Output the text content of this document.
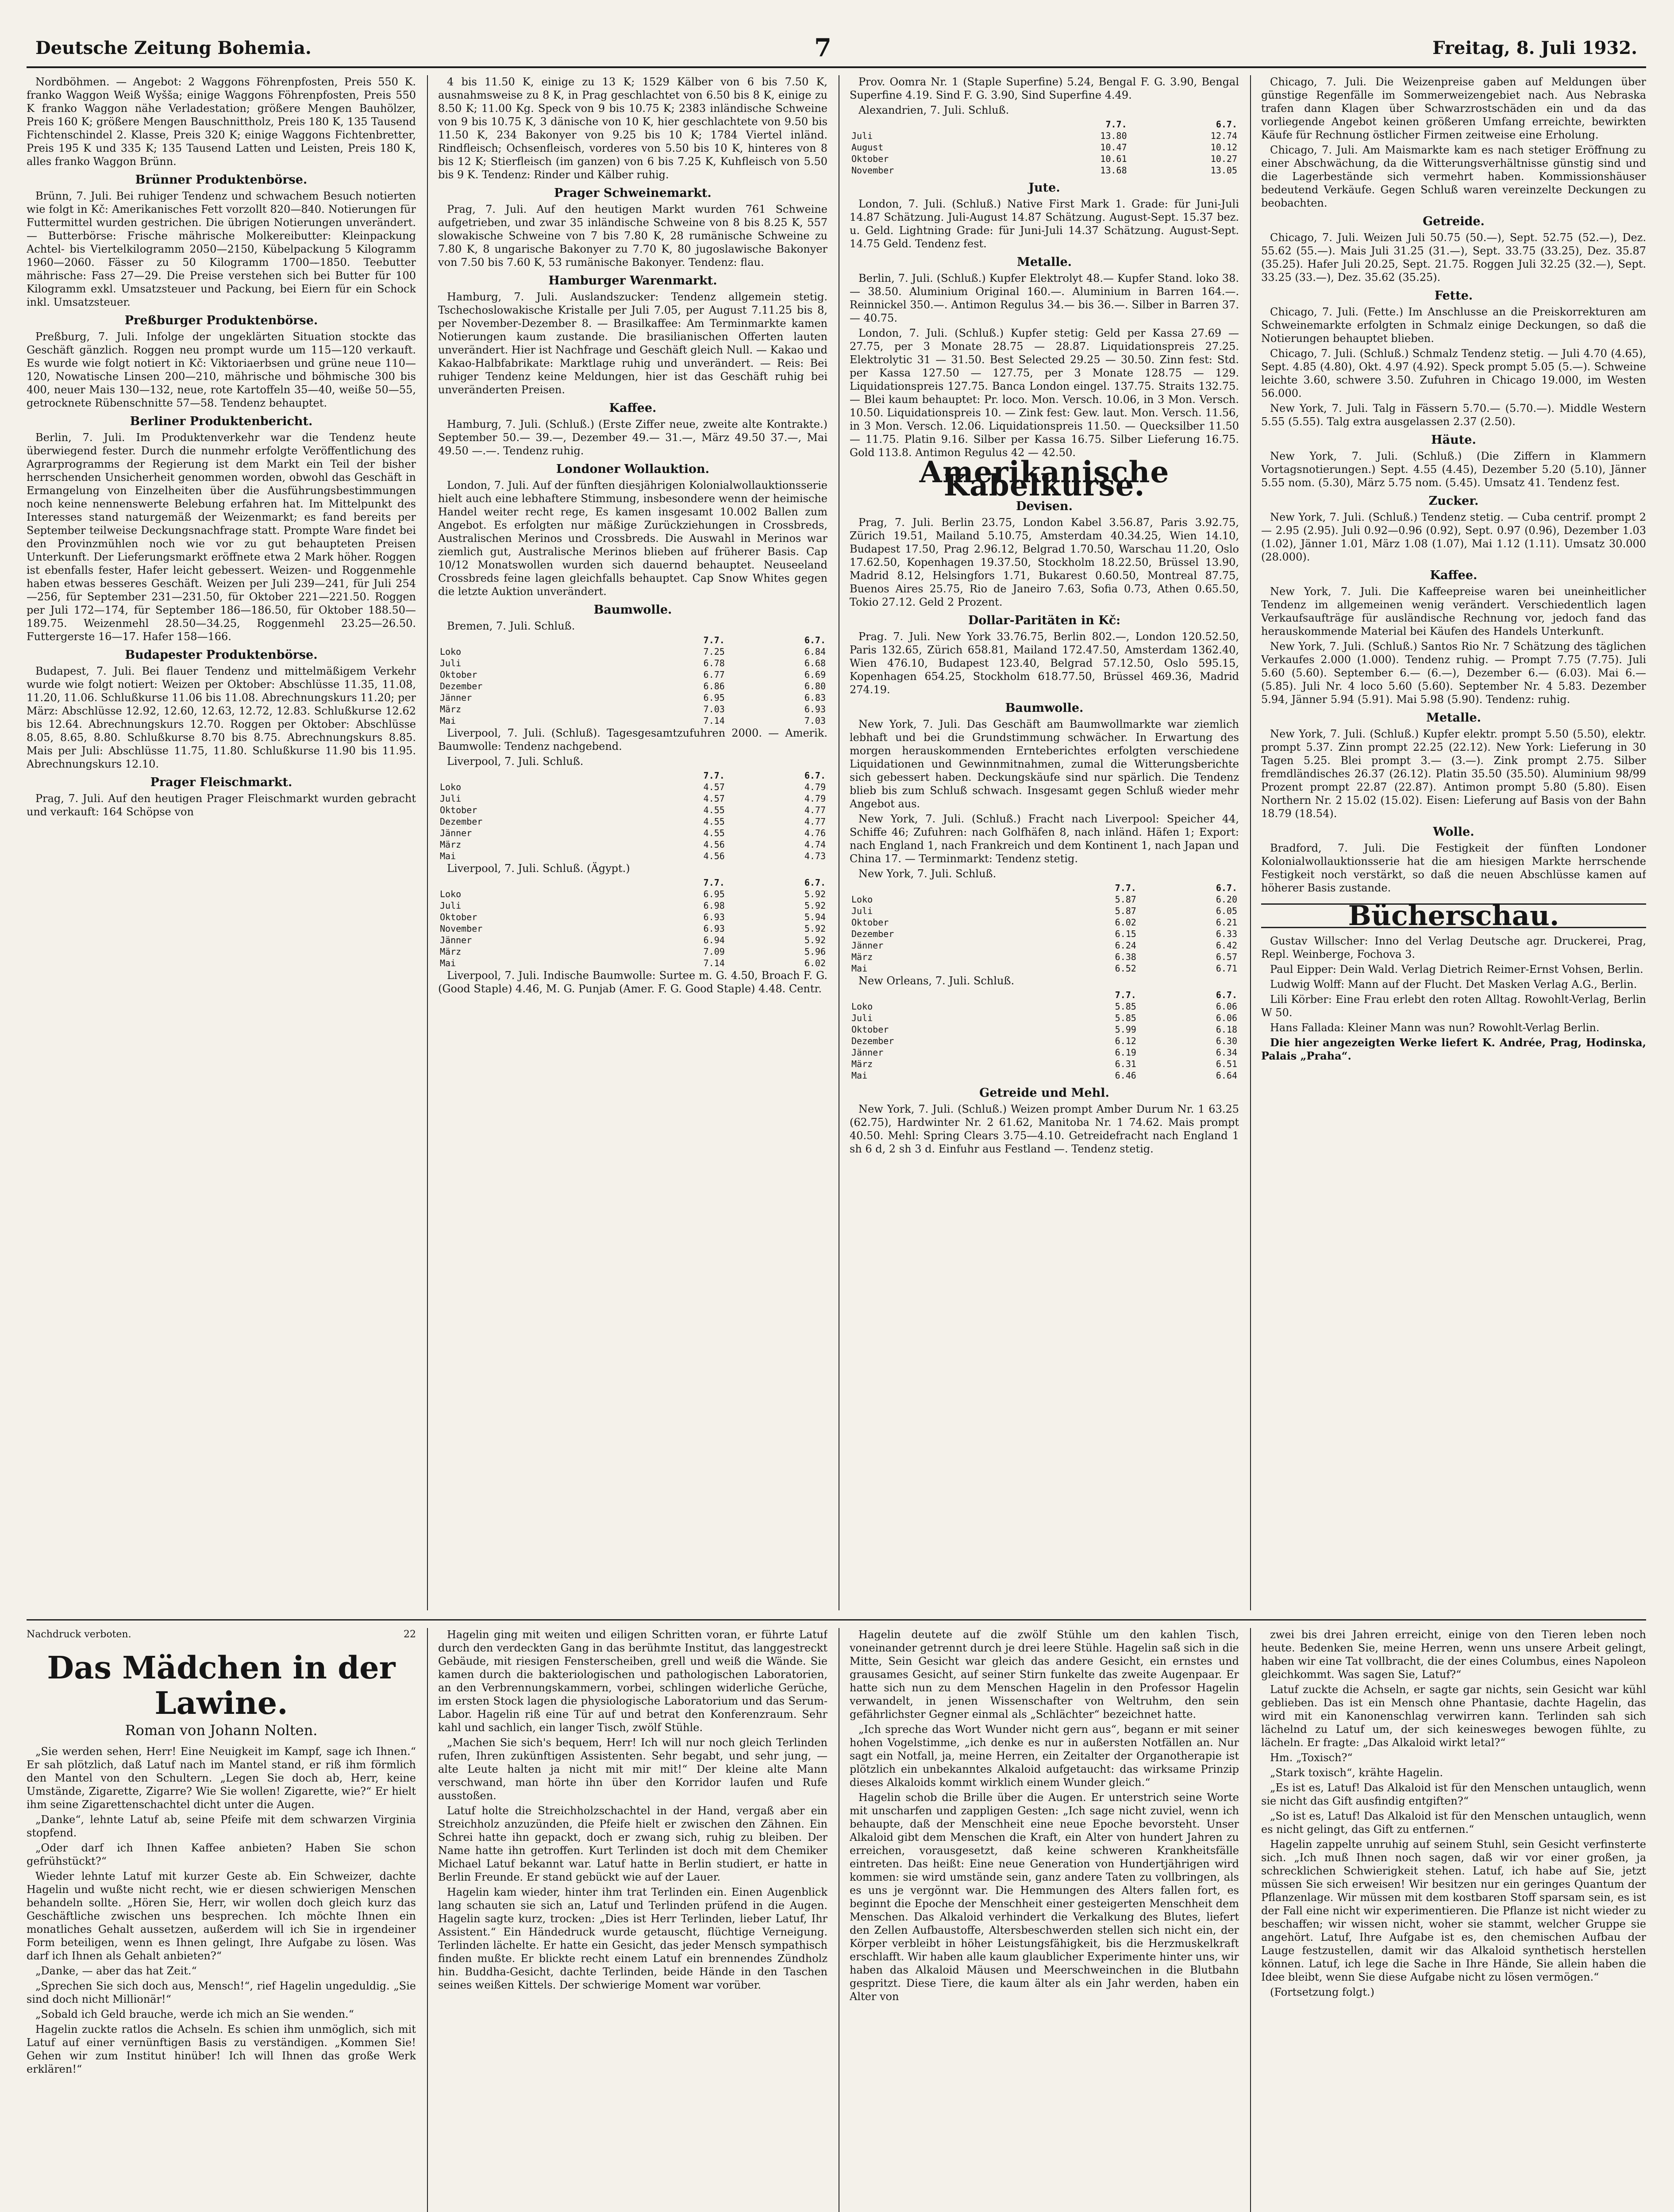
Deutsche Zeitung Bohemia.	7	Freitag, 8. Juli 1932.

Nordböhmen. — Angebot: 2 Waggons Föhrenpfosten, Preis 550 K. franko Waggon Weiß Wyšša; einige Waggons Föhrenpfosten, Preis 550 K franko Waggon nähe Verladestation; größere Mengen Bauhölzer, Preis 160 K; größere Mengen Bauschnittholz, Preis 180 K, 135 Tausend Fichtenschindel 2. Klasse, Preis 320 K; einige Waggons Fichtenbretter, Preis 195 K und 335 K; 135 Tausend Latten und Leisten, Preis 180 K, alles franko Waggon Brünn.

Brünner Produktenbörse.

Brünn, 7. Juli. Bei ruhiger Tendenz und schwachem Besuch notierten wie folgt in Kč: Amerikanisches Fett vorzollt 820—840. Notierungen für Futtermittel wurden gestrichen. Die übrigen Notierungen unverändert. — Butterbörse: Frische mährische Molkereibutter: Kleinpackung Achtel- bis Viertelkilogramm 2050—2150, Kübelpackung 5 Kilogramm 1960—2060. Fässer zu 50 Kilogramm 1700—1850. Teebutter mährische: Fass 27—29. Die Preise verstehen sich bei Butter für 100 Kilogramm exkl. Umsatzsteuer und Packung, bei Eiern für ein Schock inkl. Umsatzsteuer.

Preßburger Produktenbörse.

Preßburg, 7. Juli. Infolge der ungeklärten Situation stockte das Geschäft gänzlich. Roggen neu prompt wurde um 115—120 verkauft. Es wurde wie folgt notiert in Kč: Viktoriaerbsen und grüne neue 110—120, Nowatische Linsen 200—210, mährische und böhmische 300 bis 400, neuer Mais 130—132, neue, rote Kartoffeln 35—40, weiße 50—55, getrocknete Rübenschnitte 57—58. Tendenz behauptet.

Berliner Produktenbericht.

Berlin, 7. Juli. Im Produktenverkehr war die Tendenz heute überwiegend fester. Durch die nunmehr erfolgte Veröffentlichung des Agrarprogramms der Regierung ist dem Markt ein Teil der bisher herrschenden Unsicherheit genommen worden, obwohl das Geschäft in Ermangelung von Einzelheiten über die Ausführungsbestimmungen noch keine nennenswerte Belebung erfahren hat. Im Mittelpunkt des Interesses stand naturgemäß der Weizenmarkt; es fand bereits per September teilweise Deckungsnachfrage statt. Prompte Ware findet bei den Provinzmühlen noch wie vor zu gut behaupteten Preisen Unterkunft. Der Lieferungsmarkt eröffnete etwa 2 Mark höher. Roggen ist ebenfalls fester, Hafer leicht gebessert. Weizen- und Roggenmehle haben etwas besseres Geschäft. Weizen per Juli 239—241, für Juli 254—256, für September 231—231.50, für Oktober 221—221.50. Roggen per Juli 172—174, für September 186—186.50, für Oktober 188.50—189.75. Weizenmehl 28.50—34.25, Roggenmehl 23.25—26.50. Futtergerste 16—17. Hafer 158—166.

Budapester Produktenbörse.

Budapest, 7. Juli. Bei flauer Tendenz und mittelmäßigem Verkehr wurde wie folgt notiert: Weizen per Oktober: Abschlüsse 11.35, 11.08, 11.20, 11.06. Schlußkurse 11.06 bis 11.08. Abrechnungskurs 11.20; per März: Abschlüsse 12.92, 12.60, 12.63, 12.72, 12.83. Schlußkurse 12.62 bis 12.64. Abrechnungskurs 12.70. Roggen per Oktober: Abschlüsse 8.05, 8.65, 8.80. Schlußkurse 8.70 bis 8.75. Abrechnungskurs 8.85. Mais per Juli: Abschlüsse 11.75, 11.80. Schlußkurse 11.90 bis 11.95. Abrechnungskurs 12.10.

Prager Fleischmarkt.

Prag, 7. Juli. Auf den heutigen Prager Fleischmarkt wurden gebracht und verkauft: 164 Schöpse von

4 bis 11.50 K, einige zu 13 K; 1529 Kälber von 6 bis 7.50 K, ausnahmsweise zu 8 K, in Prag geschlachtet von 6.50 bis 8 K, einige zu 8.50 K; 11.00 Kg. Speck von 9 bis 10.75 K; 2383 inländische Schweine von 9 bis 10.75 K, 3 dänische von 10 K, hier geschlachtete von 9.50 bis 11.50 K, 234 Bakonyer von 9.25 bis 10 K; 1784 Viertel inländ. Rindfleisch; Ochsenfleisch, vorderes von 5.50 bis 10 K, hinteres von 8 bis 12 K; Stierfleisch (im ganzen) von 6 bis 7.25 K, Kuhfleisch von 5.50 bis 9 K. Tendenz: Rinder und Kälber ruhig.

Prager Schweinemarkt.

Prag, 7. Juli. Auf den heutigen Markt wurden 761 Schweine aufgetrieben, und zwar 35 inländische Schweine von 8 bis 8.25 K, 557 slowakische Schweine von 7 bis 7.80 K, 28 rumänische Schweine zu 7.80 K, 8 ungarische Bakonyer zu 7.70 K, 80 jugoslawische Bakonyer von 7.50 bis 7.60 K, 53 rumänische Bakonyer. Tendenz: flau.

Hamburger Warenmarkt.

Hamburg, 7. Juli. Auslandszucker: Tendenz allgemein stetig. Tschechoslowakische Kristalle per Juli 7.05, per August 7.11.25 bis 8, per November-Dezember 8. — Brasilkaffee: Am Terminmarkte kamen Notierungen kaum zustande. Die brasilianischen Offerten lauten unverändert. Hier ist Nachfrage und Geschäft gleich Null. — Kakao und Kakao-Halbfabrikate: Marktlage ruhig und unverändert. — Reis: Bei ruhiger Tendenz keine Meldungen, hier ist das Geschäft ruhig bei unveränderten Preisen.

Kaffee.

Hamburg, 7. Juli. (Schluß.) (Erste Ziffer neue, zweite alte Kontrakte.) September 50.— 39.—, Dezember 49.— 31.—, März 49.50 37.—, Mai 49.50 —.—. Tendenz ruhig.

Londoner Wollauktion.

London, 7. Juli. Auf der fünften diesjährigen Kolonialwollauktionsserie hielt auch eine lebhaftere Stimmung, insbesondere wenn der heimische Handel weiter recht rege, Es kamen insgesamt 10.002 Ballen zum Angebot. Es erfolgten nur mäßige Zurückziehungen in Crossbreds, Australischen Merinos und Crossbreds. Die Auswahl in Merinos war ziemlich gut, Australische Merinos blieben auf früherer Basis. Cap 10/12 Monatswollen wurden sich dauernd behauptet. Neuseeland Crossbreds feine lagen gleichfalls behauptet. Cap Snow Whites gegen die letzte Auktion unverändert.

Baumwolle.

Bremen, 7. Juli. Schluß.

	7.7.	6.7.
Loko	7.25	6.84
Juli	6.78	6.68
Oktober	6.77	6.69
Dezember	6.86	6.80
Jänner	6.95	6.83
März	7.03	6.93
Mai	7.14	7.03

Liverpool, 7. Juli. (Schluß). Tagesgesamtzufuhren 2000. — Amerik. Baumwolle: Tendenz nachgebend.

Liverpool, 7. Juli. Schluß.

	7.7.	6.7.
Loko	4.57	4.79
Juli	4.57	4.79
Oktober	4.55	4.77
Dezember	4.55	4.77
Jänner	4.55	4.76
März	4.56	4.74
Mai	4.56	4.73

Liverpool, 7. Juli. Schluß. (Ägypt.)

	7.7.	6.7.
Loko	6.95	5.92
Juli	6.98	5.92
Oktober	6.93	5.94
November	6.93	5.92
Jänner	6.94	5.92
März	7.09	5.96
Mai	7.14	6.02

Liverpool, 7. Juli. Indische Baumwolle: Surtee m. G. 4.50, Broach F. G. (Good Staple) 4.46, M. G. Punjab (Amer. F. G. Good Staple) 4.48. Centr.

Prov. Oomra Nr. 1 (Staple Superfine) 5.24, Bengal F. G. 3.90, Bengal Superfine 4.19. Sind F. G. 3.90, Sind Superfine 4.49.

Alexandrien, 7. Juli. Schluß.

	7.7.	6.7.
Juli	13.80	12.74
August	10.47	10.12
Oktober	10.61	10.27
November	13.68	13.05
Jute.

London, 7. Juli. (Schluß.) Native First Mark 1. Grade: für Juni-Juli 14.87 Schätzung. Juli-August 14.87 Schätzung. August-Sept. 15.37 bez. u. Geld. Lightning Grade: für Juni-Juli 14.37 Schätzung. August-Sept. 14.75 Geld. Tendenz fest.

Metalle.

Berlin, 7. Juli. (Schluß.) Kupfer Elektrolyt 48.— Kupfer Stand. loko 38.— 38.50. Aluminium Original 160.—. Aluminium in Barren 164.—. Reinnickel 350.—. Antimon Regulus 34.— bis 36.—. Silber in Barren 37.— 40.75.

London, 7. Juli. (Schluß.) Kupfer stetig: Geld per Kassa 27.69 — 27.75, per 3 Monate 28.75 — 28.87. Liquidationspreis 27.25. Elektrolytic 31 — 31.50. Best Selected 29.25 — 30.50. Zinn fest: Std. per Kassa 127.50 — 127.75, per 3 Monate 128.75 — 129. Liquidationspreis 127.75. Banca London eingel. 137.75. Straits 132.75. — Blei kaum behauptet: Pr. loco. Mon. Versch. 10.06, in 3 Mon. Versch. 10.50. Liquidationspreis 10. — Zink fest: Gew. laut. Mon. Versch. 11.56, in 3 Mon. Versch. 12.06. Liquidationspreis 11.50. — Quecksilber 11.50 — 11.75. Platin 9.16. Silber per Kassa 16.75. Silber Lieferung 16.75. Gold 113.8. Antimon Regulus 42 — 42.50.

Amerikanische Kabelkurse.
Devisen.

Prag, 7. Juli. Berlin 23.75, London Kabel 3.56.87, Paris 3.92.75, Zürich 19.51, Mailand 5.10.75, Amsterdam 40.34.25, Wien 14.10, Budapest 17.50, Prag 2.96.12, Belgrad 1.70.50, Warschau 11.20, Oslo 17.62.50, Kopenhagen 19.37.50, Stockholm 18.22.50, Brüssel 13.90, Madrid 8.12, Helsingfors 1.71, Bukarest 0.60.50, Montreal 87.75, Buenos Aires 25.75, Rio de Janeiro 7.63, Sofia 0.73, Athen 0.65.50, Tokio 27.12. Geld 2 Prozent.

Dollar-Paritäten in Kč:

Prag. 7. Juli. New York 33.76.75, Berlin 802.—, London 120.52.50, Paris 132.65, Zürich 658.81, Mailand 172.47.50, Amsterdam 1362.40, Wien 476.10, Budapest 123.40, Belgrad 57.12.50, Oslo 595.15, Kopenhagen 654.25, Stockholm 618.77.50, Brüssel 469.36, Madrid 274.19.

Baumwolle.

New York, 7. Juli. Das Geschäft am Baumwollmarkte war ziemlich lebhaft und bei die Grundstimmung schwächer. In Erwartung des morgen herauskommenden Ernteberichtes erfolgten verschiedene Liquidationen und Gewinnmitnahmen, zumal die Witterungsberichte sich gebessert haben. Deckungskäufe sind nur spärlich. Die Tendenz blieb bis zum Schluß schwach. Insgesamt gegen Schluß wieder mehr Angebot aus.

New York, 7. Juli. (Schluß.) Fracht nach Liverpool: Speicher 44, Schiffe 46; Zufuhren: nach Golfhäfen 8, nach inländ. Häfen 1; Export: nach England 1, nach Frankreich und dem Kontinent 1, nach Japan und China 17. — Terminmarkt: Tendenz stetig.

New York, 7. Juli. Schluß.

	7.7.	6.7.
Loko	5.87	6.20
Juli	5.87	6.05
Oktober	6.02	6.21
Dezember	6.15	6.33
Jänner	6.24	6.42
März	6.38	6.57
Mai	6.52	6.71

New Orleans, 7. Juli. Schluß.

	7.7.	6.7.
Loko	5.85	6.06
Juli	5.85	6.06
Oktober	5.99	6.18
Dezember	6.12	6.30
Jänner	6.19	6.34
März	6.31	6.51
Mai	6.46	6.64
Getreide und Mehl.

New York, 7. Juli. (Schluß.) Weizen prompt Amber Durum Nr. 1 63.25 (62.75), Hardwinter Nr. 2 61.62, Manitoba Nr. 1 74.62. Mais prompt 40.50. Mehl: Spring Clears 3.75—4.10. Getreidefracht nach England 1 sh 6 d, 2 sh 3 d. Einfuhr aus Festland —. Tendenz stetig.

Chicago, 7. Juli. Die Weizenpreise gaben auf Meldungen über günstige Regenfälle im Sommerweizengebiet nach. Aus Nebraska trafen dann Klagen über Schwarzrostschäden ein und da das vorliegende Angebot keinen größeren Umfang erreichte, bewirkten Käufe für Rechnung östlicher Firmen zeitweise eine Erholung.

Chicago, 7. Juli. Am Maismarkte kam es nach stetiger Eröffnung zu einer Abschwächung, da die Witterungsverhältnisse günstig sind und die Lagerbestände sich vermehrt haben. Kommissionshäuser bedeutend Verkäufe. Gegen Schluß waren vereinzelte Deckungen zu beobachten.

Getreide.

Chicago, 7. Juli. Weizen Juli 50.75 (50.—), Sept. 52.75 (52.—), Dez. 55.62 (55.—). Mais Juli 31.25 (31.—), Sept. 33.75 (33.25), Dez. 35.87 (35.25). Hafer Juli 20.25, Sept. 21.75. Roggen Juli 32.25 (32.—), Sept. 33.25 (33.—), Dez. 35.62 (35.25).

Fette.

Chicago, 7. Juli. (Fette.) Im Anschlusse an die Preiskorrekturen am Schweinemarkte erfolgten in Schmalz einige Deckungen, so daß die Notierungen behauptet blieben.

Chicago, 7. Juli. (Schluß.) Schmalz Tendenz stetig. — Juli 4.70 (4.65), Sept. 4.85 (4.80), Okt. 4.97 (4.92). Speck prompt 5.05 (5.—). Schweine leichte 3.60, schwere 3.50. Zufuhren in Chicago 19.000, im Westen 56.000.

New York, 7. Juli. Talg in Fässern 5.70.— (5.70.—). Middle Western 5.55 (5.55). Talg extra ausgelassen 2.37 (2.50).

Häute.

New York, 7. Juli. (Schluß.) (Die Ziffern in Klammern Vortagsnotierungen.) Sept. 4.55 (4.45), Dezember 5.20 (5.10), Jänner 5.55 nom. (5.30), März 5.75 nom. (5.45). Umsatz 41. Tendenz fest.

Zucker.

New York, 7. Juli. (Schluß.) Tendenz stetig. — Cuba centrif. prompt 2 — 2.95 (2.95). Juli 0.92—0.96 (0.92), Sept. 0.97 (0.96), Dezember 1.03 (1.02), Jänner 1.01, März 1.08 (1.07), Mai 1.12 (1.11). Umsatz 30.000 (28.000).

Kaffee.

New York, 7. Juli. Die Kaffeepreise waren bei uneinheitlicher Tendenz im allgemeinen wenig verändert. Verschiedentlich lagen Verkaufsaufträge für ausländische Rechnung vor, jedoch fand das herauskommende Material bei Käufen des Handels Unterkunft.

New York, 7. Juli. (Schluß.) Santos Rio Nr. 7 Schätzung des täglichen Verkaufes 2.000 (1.000). Tendenz ruhig. — Prompt 7.75 (7.75). Juli 5.60 (5.60). September 6.— (6.—), Dezember 6.— (6.03). Mai 6.— (5.85). Juli Nr. 4 loco 5.60 (5.60). September Nr. 4 5.83. Dezember 5.94, Jänner 5.94 (5.91). Mai 5.98 (5.90). Tendenz: ruhig.

Metalle.

New York, 7. Juli. (Schluß.) Kupfer elektr. prompt 5.50 (5.50), elektr. prompt 5.37. Zinn prompt 22.25 (22.12). New York: Lieferung in 30 Tagen 5.25. Blei prompt 3.— (3.—). Zink prompt 2.75. Silber fremdländisches 26.37 (26.12). Platin 35.50 (35.50). Aluminium 98/99 Prozent prompt 22.87 (22.87). Antimon prompt 5.80 (5.80). Eisen Northern Nr. 2 15.02 (15.02). Eisen: Lieferung auf Basis von der Bahn 18.79 (18.54).

Wolle.

Bradford, 7. Juli. Die Festigkeit der fünften Londoner Kolonialwollauktionsserie hat die am hiesigen Markte herrschende Festigkeit noch verstärkt, so daß die neuen Abschlüsse kamen auf höherer Basis zustande.

Bücherschau.

Gustav Willscher: Inno del Verlag Deutsche agr. Druckerei, Prag, Repl. Weinberge, Fochova 3.

Paul Eipper: Dein Wald. Verlag Dietrich Reimer-Ernst Vohsen, Berlin.

Ludwig Wolff: Mann auf der Flucht. Det Masken Verlag A.G., Berlin.

Lili Körber: Eine Frau erlebt den roten Alltag. Rowohlt-Verlag, Berlin W 50.

Hans Fallada: Kleiner Mann was nun? Rowohlt-Verlag Berlin.

Die hier angezeigten Werke liefert K. Andrée, Prag, Hodinska, Palais „Praha“.

Nachdruck verboten.	22
Das Mädchen in der Lawine.
Roman von Johann Nolten.

„Sie werden sehen, Herr! Eine Neuigkeit im Kampf, sage ich Ihnen.“ Er sah plötzlich, daß Latuf nach im Mantel stand, er riß ihm förmlich den Mantel von den Schultern. „Legen Sie doch ab, Herr, keine Umstände, Zigarette, Zigarre? Wie Sie wollen! Zigarette, wie?“ Er hielt ihm seine Zigarettenschachtel dicht unter die Augen.

„Danke“, lehnte Latuf ab, seine Pfeife mit dem schwarzen Virginia stopfend.

„Oder darf ich Ihnen Kaffee anbieten? Haben Sie schon gefrühstückt?“

Wieder lehnte Latuf mit kurzer Geste ab. Ein Schweizer, dachte Hagelin und wußte nicht recht, wie er diesen schwierigen Menschen behandeln sollte. „Hören Sie, Herr, wir wollen doch gleich kurz das Geschäftliche zwischen uns besprechen. Ich möchte Ihnen ein monatliches Gehalt aussetzen, außerdem will ich Sie in irgendeiner Form beteiligen, wenn es Ihnen gelingt, Ihre Aufgabe zu lösen. Was darf ich Ihnen als Gehalt anbieten?“

„Danke, — aber das hat Zeit.“

„Sprechen Sie sich doch aus, Mensch!“, rief Hagelin ungeduldig. „Sie sind doch nicht Millionär!“

„Sobald ich Geld brauche, werde ich mich an Sie wenden.“

Hagelin zuckte ratlos die Achseln. Es schien ihm unmöglich, sich mit Latuf auf einer vernünftigen Basis zu verständigen. „Kommen Sie! Gehen wir zum Institut hinüber! Ich will Ihnen das große Werk erklären!“

Hagelin ging mit weiten und eiligen Schritten voran, er führte Latuf durch den verdeckten Gang in das berühmte Institut, das langgestreckt Gebäude, mit riesigen Fensterscheiben, grell und weiß die Wände. Sie kamen durch die bakteriologischen und pathologischen Laboratorien, an den Verbrennungskammern, vorbei, schlingen widerliche Gerüche, im ersten Stock lagen die physiologische Laboratorium und das Serum-Labor. Hagelin riß eine Tür auf und betrat den Konferenzraum. Sehr kahl und sachlich, ein langer Tisch, zwölf Stühle.

„Machen Sie sich's bequem, Herr! Ich will nur noch gleich Terlinden rufen, Ihren zukünftigen Assistenten. Sehr begabt, und sehr jung, — alte Leute halten ja nicht mit mir mit!“ Der kleine alte Mann verschwand, man hörte ihn über den Korridor laufen und Rufe ausstoßen.

Latuf holte die Streichholzschachtel in der Hand, vergaß aber ein Streichholz anzuzünden, die Pfeife hielt er zwischen den Zähnen. Ein Schrei hatte ihn gepackt, doch er zwang sich, ruhig zu bleiben. Der Name hatte ihn getroffen. Kurt Terlinden ist doch mit dem Chemiker Michael Latuf bekannt war. Latuf hatte in Berlin studiert, er hatte in Berlin Freunde. Er stand gebückt wie auf der Lauer.

Hagelin kam wieder, hinter ihm trat Terlinden ein. Einen Augenblick lang schauten sie sich an, Latuf und Terlinden prüfend in die Augen. Hagelin sagte kurz, trocken: „Dies ist Herr Terlinden, lieber Latuf, Ihr Assistent.“ Ein Händedruck wurde getauscht, flüchtige Verneigung. Terlinden lächelte. Er hatte ein Gesicht, das jeder Mensch sympathisch finden mußte. Er blickte recht einem Latuf ein brennendes Zündholz hin. Buddha-Gesicht, dachte Terlinden, beide Hände in den Taschen seines weißen Kittels. Der schwierige Moment war vorüber.

Hagelin deutete auf die zwölf Stühle um den kahlen Tisch, voneinander getrennt durch je drei leere Stühle. Hagelin saß sich in die Mitte, Sein Gesicht war gleich das andere Gesicht, ein ernstes und grausames Gesicht, auf seiner Stirn funkelte das zweite Augenpaar. Er hatte sich nun zu dem Menschen Hagelin in den Professor Hagelin verwandelt, in jenen Wissenschafter von Weltruhm, den sein gefährlichster Gegner einmal als „Schlächter“ bezeichnet hatte.

„Ich spreche das Wort Wunder nicht gern aus“, begann er mit seiner hohen Vogelstimme, „ich denke es nur in außersten Notfällen an. Nur sagt ein Notfall, ja, meine Herren, ein Zeitalter der Organotherapie ist plötzlich ein unbekanntes Alkaloid aufgetaucht: das wirksame Prinzip dieses Alkaloids kommt wirklich einem Wunder gleich.“

Hagelin schob die Brille über die Augen. Er unterstrich seine Worte mit unscharfen und zappligen Gesten: „Ich sage nicht zuviel, wenn ich behaupte, daß der Menschheit eine neue Epoche bevorsteht. Unser Alkaloid gibt dem Menschen die Kraft, ein Alter von hundert Jahren zu erreichen, vorausgesetzt, daß keine schweren Krankheitsfälle eintreten. Das heißt: Eine neue Generation von Hundertjährigen wird kommen: sie wird umstände sein, ganz andere Taten zu vollbringen, als es uns je vergönnt war. Die Hemmungen des Alters fallen fort, es beginnt die Epoche der Menschheit einer gesteigerten Menschheit dem Menschen. Das Alkaloid verhindert die Verkalkung des Blutes, liefert den Zellen Aufbaustoffe, Altersbeschwerden stellen sich nicht ein, der Körper verbleibt in höher Leistungsfähigkeit, bis die Herzmuskelkraft erschlafft. Wir haben alle kaum glaublicher Experimente hinter uns, wir haben das Alkaloid Mäusen und Meerschweinchen in die Blutbahn gespritzt. Diese Tiere, die kaum älter als ein Jahr werden, haben ein Alter von

zwei bis drei Jahren erreicht, einige von den Tieren leben noch heute. Bedenken Sie, meine Herren, wenn uns unsere Arbeit gelingt, haben wir eine Tat vollbracht, die der eines Columbus, eines Napoleon gleichkommt. Was sagen Sie, Latuf?“

Latuf zuckte die Achseln, er sagte gar nichts, sein Gesicht war kühl geblieben. Das ist ein Mensch ohne Phantasie, dachte Hagelin, das wird mit ein Kanonenschlag verwirren kann. Terlinden sah sich lächelnd zu Latuf um, der sich keinesweges bewogen fühlte, zu lächeln. Er fragte: „Das Alkaloid wirkt letal?“

Hm. „Toxisch?“

„Stark toxisch“, krähte Hagelin.

„Es ist es, Latuf! Das Alkaloid ist für den Menschen untauglich, wenn sie nicht das Gift ausfindig entgiften?“

„So ist es, Latuf! Das Alkaloid ist für den Menschen untauglich, wenn es nicht gelingt, das Gift zu entfernen.“

Hagelin zappelte unruhig auf seinem Stuhl, sein Gesicht verfinsterte sich. „Ich muß Ihnen noch sagen, daß wir vor einer großen, ja schrecklichen Schwierigkeit stehen. Latuf, ich habe auf Sie, jetzt müssen Sie sich erweisen! Wir besitzen nur ein geringes Quantum der Pflanzenlage. Wir müssen mit dem kostbaren Stoff sparsam sein, es ist der Fall eine nicht wir experimentieren. Die Pflanze ist nicht wieder zu beschaffen; wir wissen nicht, woher sie stammt, welcher Gruppe sie angehört. Latuf, Ihre Aufgabe ist es, den chemischen Aufbau der Lauge festzustellen, damit wir das Alkaloid synthetisch herstellen können. Latuf, ich lege die Sache in Ihre Hände, Sie allein haben die Idee bleibt, wenn Sie diese Aufgabe nicht zu lösen vermögen.“

(Fortsetzung folgt.)
